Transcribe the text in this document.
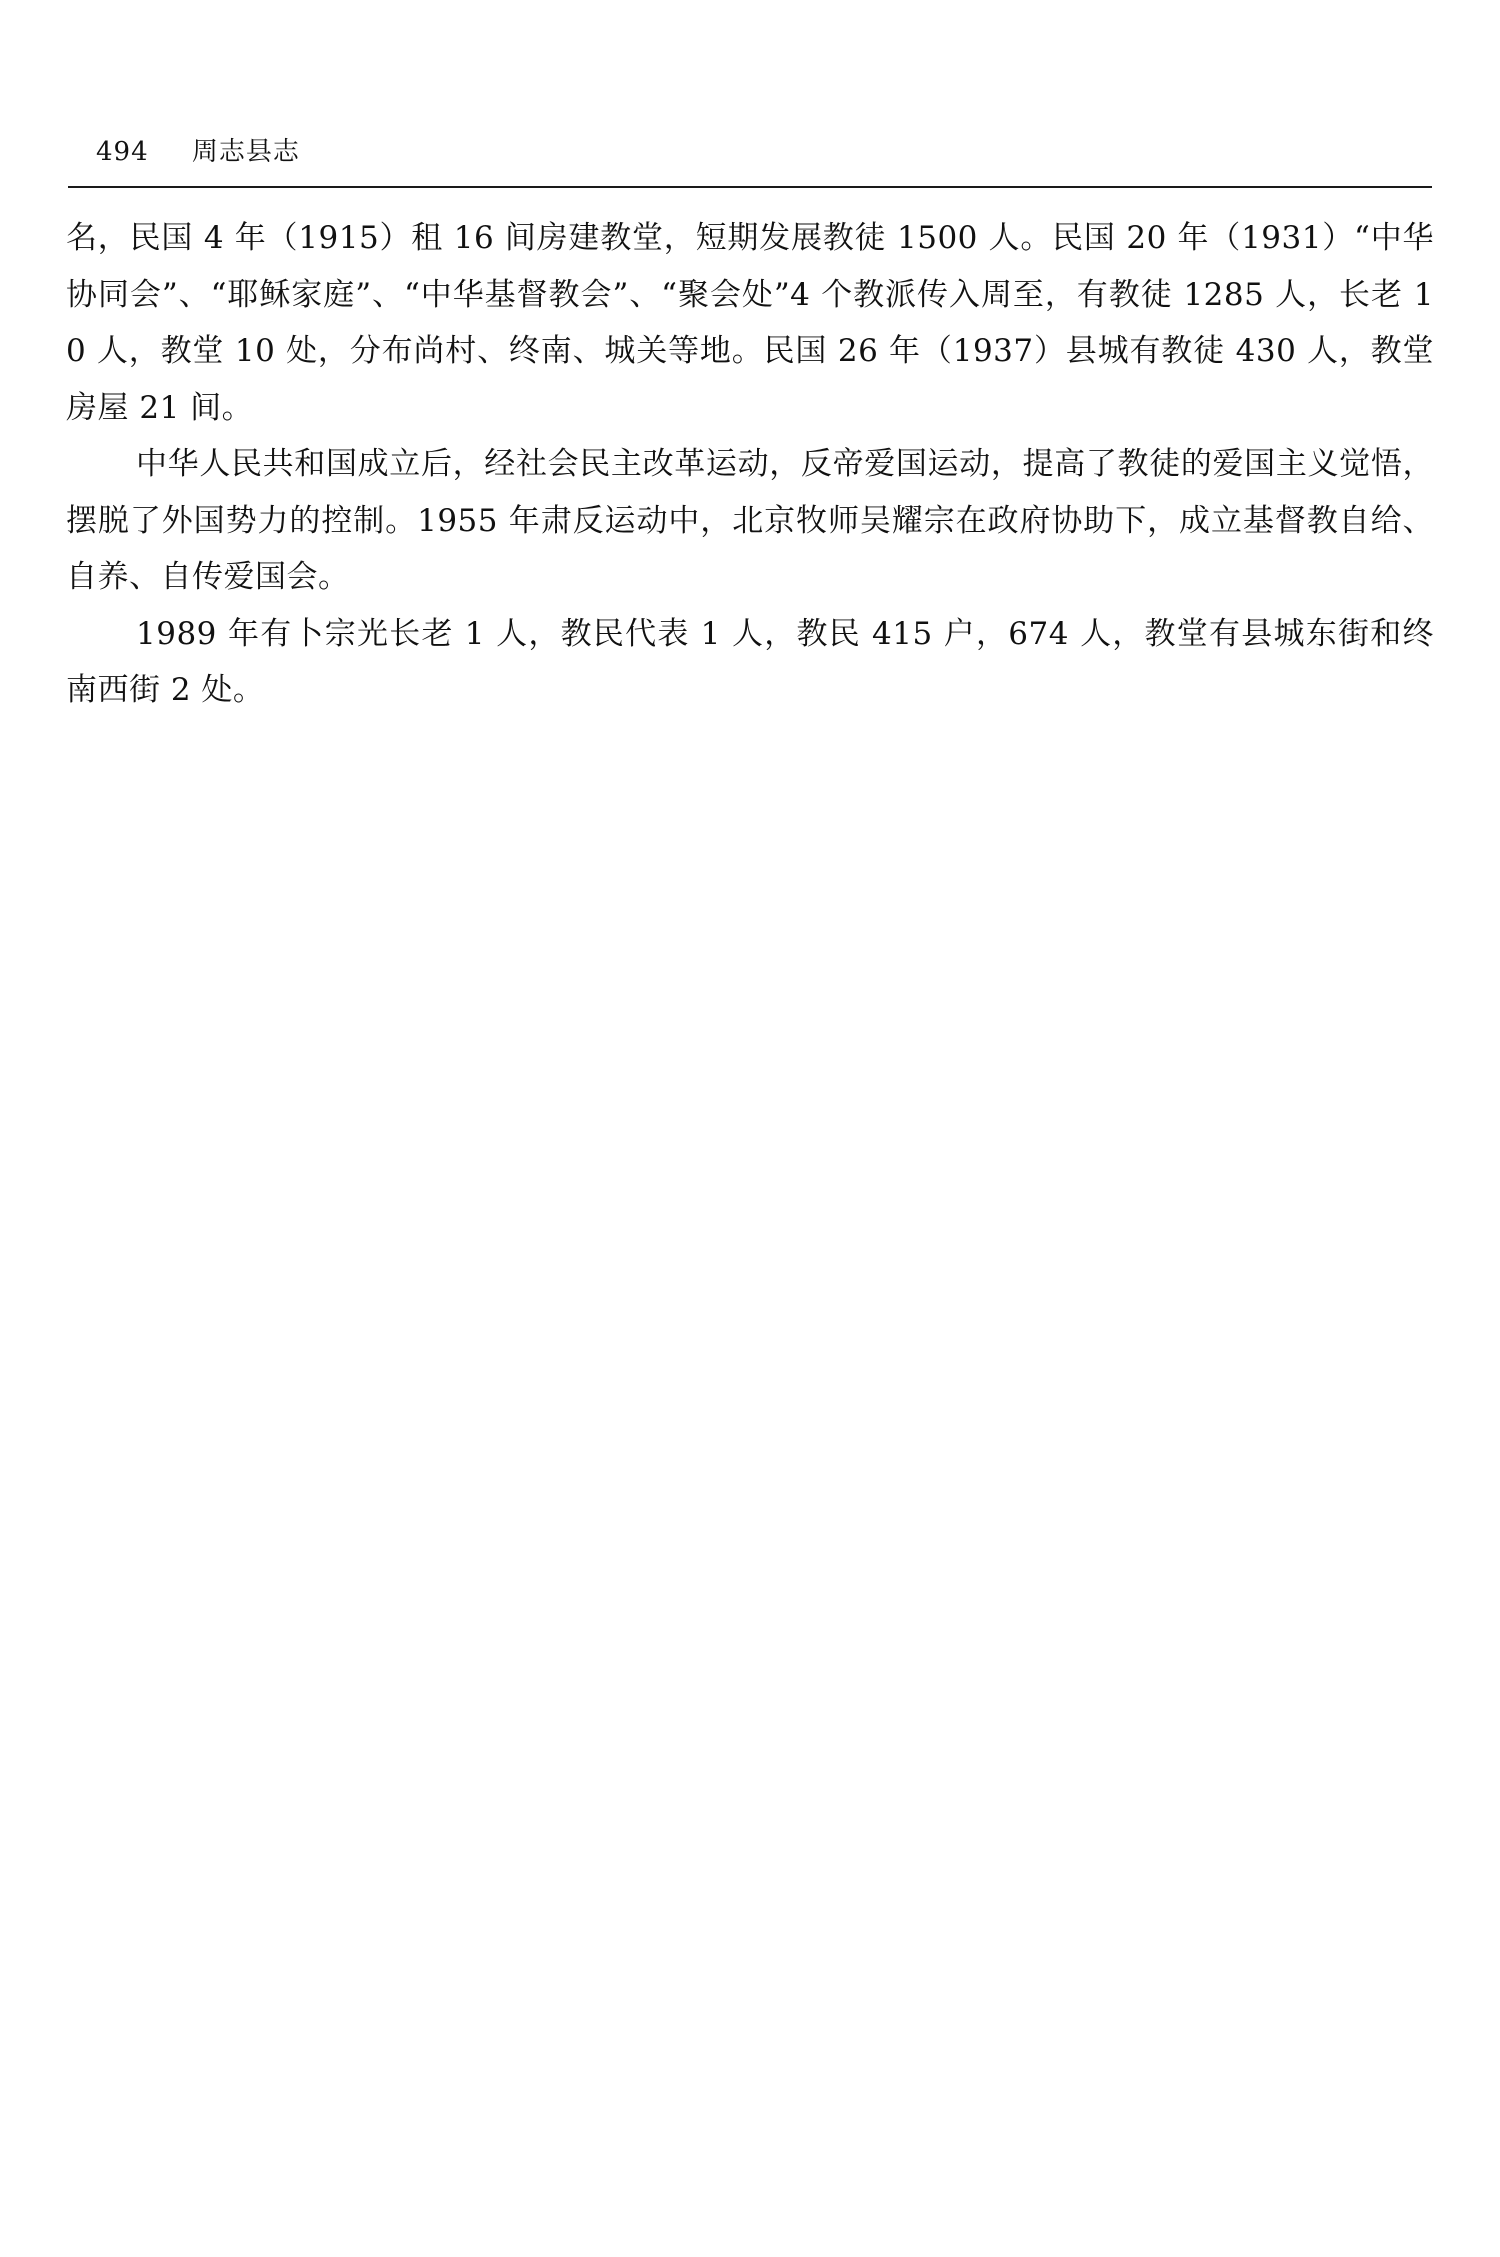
494 周志县志

名，民国 4 年（1915）租 16 间房建教堂，短期发展教徒 1500 人。民国 20 年（1931）“中华协同会”、“耶稣家庭”、“中华基督教会”、“聚会处”4 个教派传入周至，有教徒 1285 人，长老 10 人，教堂 10 处，分布尚村、终南、城关等地。民国 26 年（1937）县城有教徒 430 人，教堂房屋 21 间。

中华人民共和国成立后，经社会民主改革运动，反帝爱国运动，提高了教徒的爱国主义觉悟，摆脱了外国势力的控制。1955 年肃反运动中，北京牧师吴耀宗在政府协助下，成立基督教自给、自养、自传爱国会。

1989 年有卜宗光长老 1 人，教民代表 1 人，教民 415 户，674 人，教堂有县城东街和终南西街 2 处。
